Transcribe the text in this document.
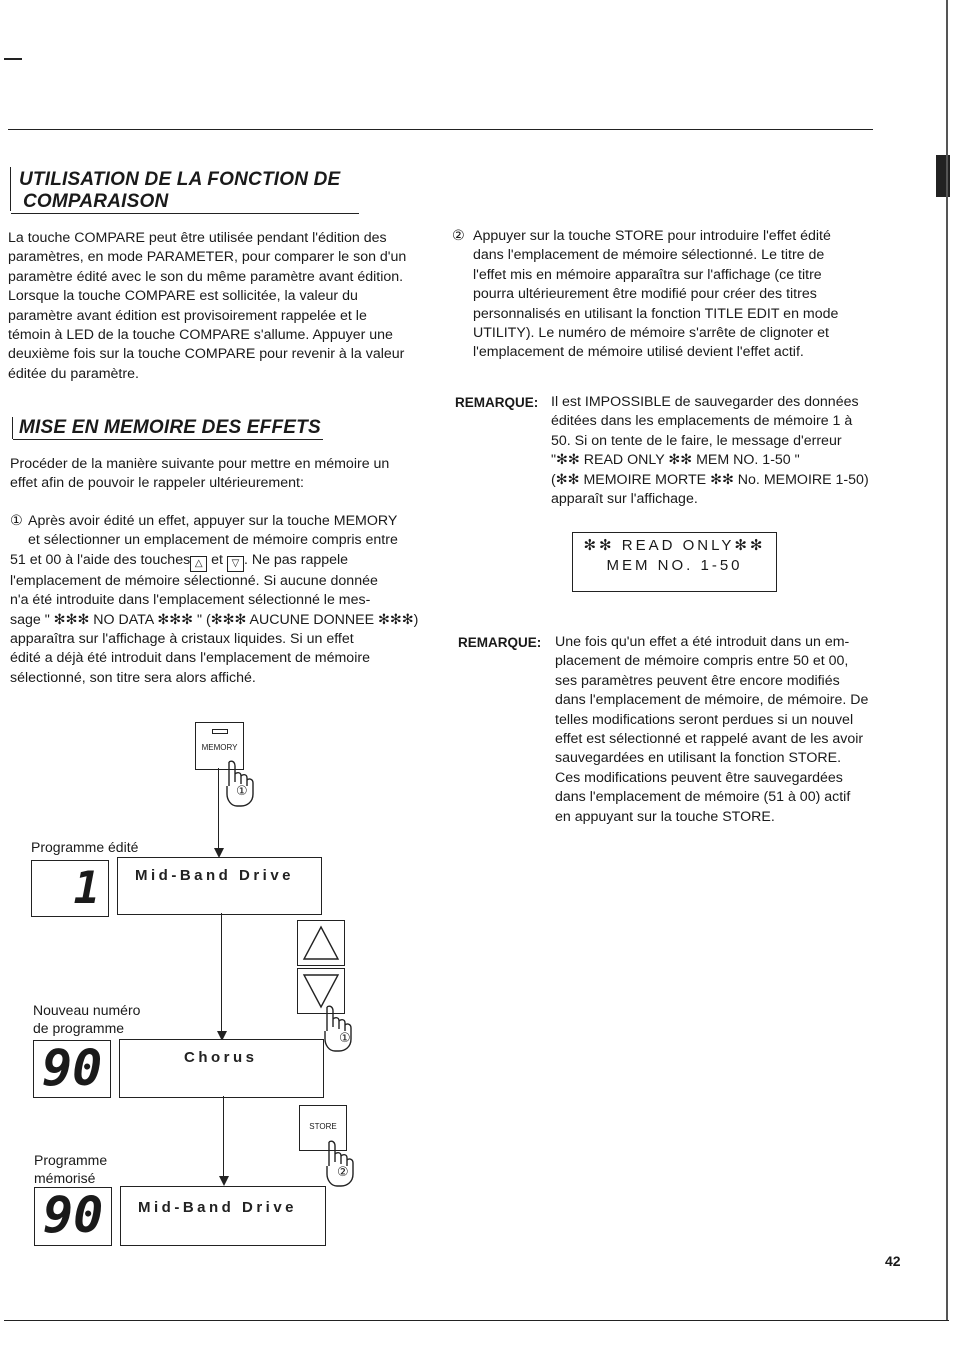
UTILISATION DE LA FONCTION DE
COMPARAISON

La touche COMPARE peut être utilisée pendant l'édition des

paramètres, en mode PARAMETER, pour comparer le son d'un

paramètre édité avec le son du même paramètre avant édition.

Lorsque la touche COMPARE est sollicitée, la valeur du

paramètre avant édition est provisoirement rappelée et le

témoin à LED de la touche COMPARE s'allume. Appuyer une

deuxième fois sur la touche COMPARE pour revenir à la valeur

éditée du paramètre.

MISE EN MEMOIRE DES EFFETS

Procéder de la manière suivante pour mettre en mémoire un

effet afin de pouvoir le rappeler ultérieurement:

① Après avoir édité un effet, appuyer sur la touche MEMORY

et sélectionner un emplacement de mémoire compris entre

51 et 00 à l'aide des touches △ et ▽ . Ne pas rappele

l'emplacement de mémoire sélectionné. Si aucune donnée

n'a été introduite dans l'emplacement sélectionné le mes-

sage " ✻✻✻ NO DATA ✻✻✻ " (✻✻✻ AUCUNE DONNEE ✻✻✻)

apparaîtra sur l'affichage à cristaux liquides. Si un effet

édité a déjà été introduit dans l'emplacement de mémoire

sélectionné, son titre sera alors affiché.

② Appuyer sur la touche STORE pour introduire l'effet édité

dans l'emplacement de mémoire sélectionné. Le titre de

l'effet mis en mémoire apparaîtra sur l'affichage (ce titre

pourra ultérieurement être modifié pour créer des titres

personnalisés en utilisant la fonction TITLE EDIT en mode

UTILITY). Le numéro de mémoire s'arrête de clignoter et

l'emplacement de mémoire utilisé devient l'effet actif.

REMARQUE: Il est IMPOSSIBLE de sauvegarder des données

éditées dans les emplacements de mémoire 1 à

50. Si on tente de le faire, le message d'erreur

"✻✻ READ ONLY ✻✻ MEM NO. 1-50 "

(✻✻ MEMOIRE MORTE ✻✻ No. MEMOIRE 1-50)

apparaît sur l'affichage.

✻✻ READ ONLY✻✻
MEM NO. 1-50
REMARQUE: Une fois qu'un effet a été introduit dans un em-

placement de mémoire compris entre 50 et 00,

ses paramètres peuvent être encore modifiés

dans l'emplacement de mémoire, de mémoire. De

telles modifications seront perdues si un nouvel

effet est sélectionné et rappelé avant de les avoir

sauvegardées en utilisant la fonction STORE.

Ces modifications peuvent être sauvegardées

dans l'emplacement de mémoire (51 à 00) actif

en appuyant sur la touche STORE.

MEMORY
①
Programme édité
1 Mid-Band Drive
①
Nouveau numéro
de programme
90	Chorus
STORE
②
Programme
mémorisé
90 Mid-Band Drive
42
